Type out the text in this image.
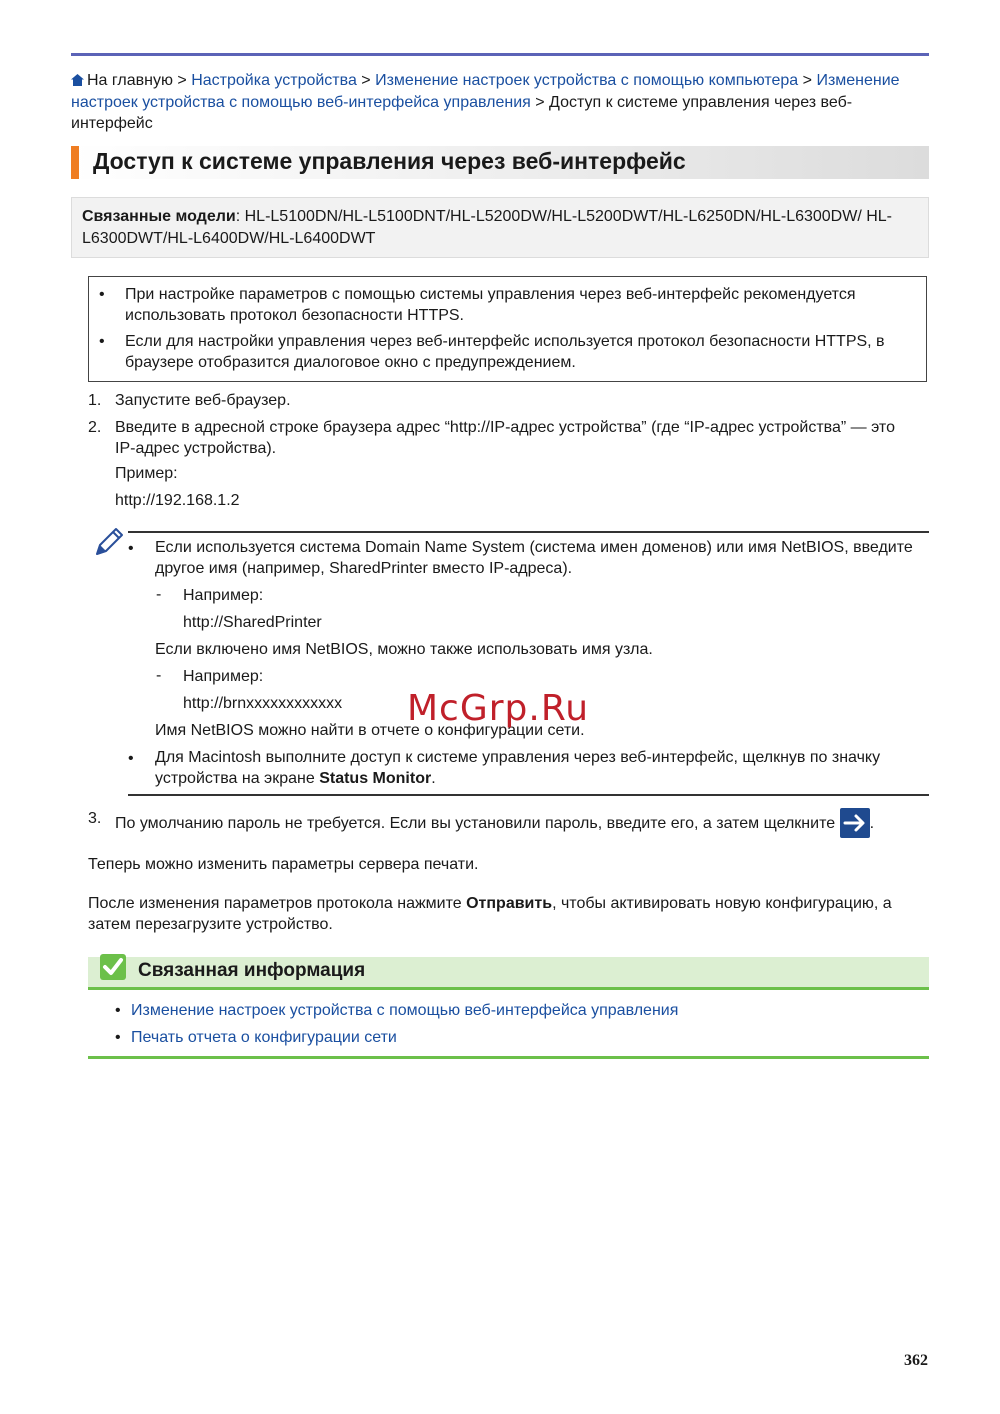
На главную > Настройка устройства > Изменение настроек устройства с помощью компьютера > Изменение настроек устройства с помощью веб-интерфейса управления > Доступ к системе управления через веб-интерфейс
Доступ к системе управления через веб-интерфейс
Связанные модели: HL-L5100DN/HL-L5100DNT/HL-L5200DW/HL-L5200DWT/HL-L6250DN/HL-L6300DW/ HL-L6300DWT/HL-L6400DW/HL-L6400DWT
• При настройке параметров с помощью системы управления через веб-интерфейс рекомендуется использовать протокол безопасности HTTPS.
• Если для настройки управления через веб-интерфейс используется протокол безопасности HTTPS, в браузере отобразится диалоговое окно с предупреждением.
1. Запустите веб-браузер.
2. Введите в адресной строке браузера адрес “http://IP-адрес устройства” (где “IP-адрес устройства” — это IP-адрес устройства).
Пример:
http://192.168.1.2
• Если используется система Domain Name System (система имен доменов) или имя NetBIOS, введите другое имя (например, SharedPrinter вместо IP-адреса).
- Например:
http://SharedPrinter
Если включено имя NetBIOS, можно также использовать имя узла.
- Например:
http://brnxxxxxxxxxxxx
Имя NetBIOS можно найти в отчете о конфигурации сети.
• Для Macintosh выполните доступ к системе управления через веб-интерфейс, щелкнув по значку устройства на экране Status Monitor.
McGrp.Ru
3. По умолчанию пароль не требуется. Если вы установили пароль, введите его, а затем щелкните .
Теперь можно изменить параметры сервера печати.
После изменения параметров протокола нажмите Отправить, чтобы активировать новую конфигурацию, а затем перезагрузите устройство.
Связанная информация
• Изменение настроек устройства с помощью веб-интерфейса управления
• Печать отчета о конфигурации сети
362
